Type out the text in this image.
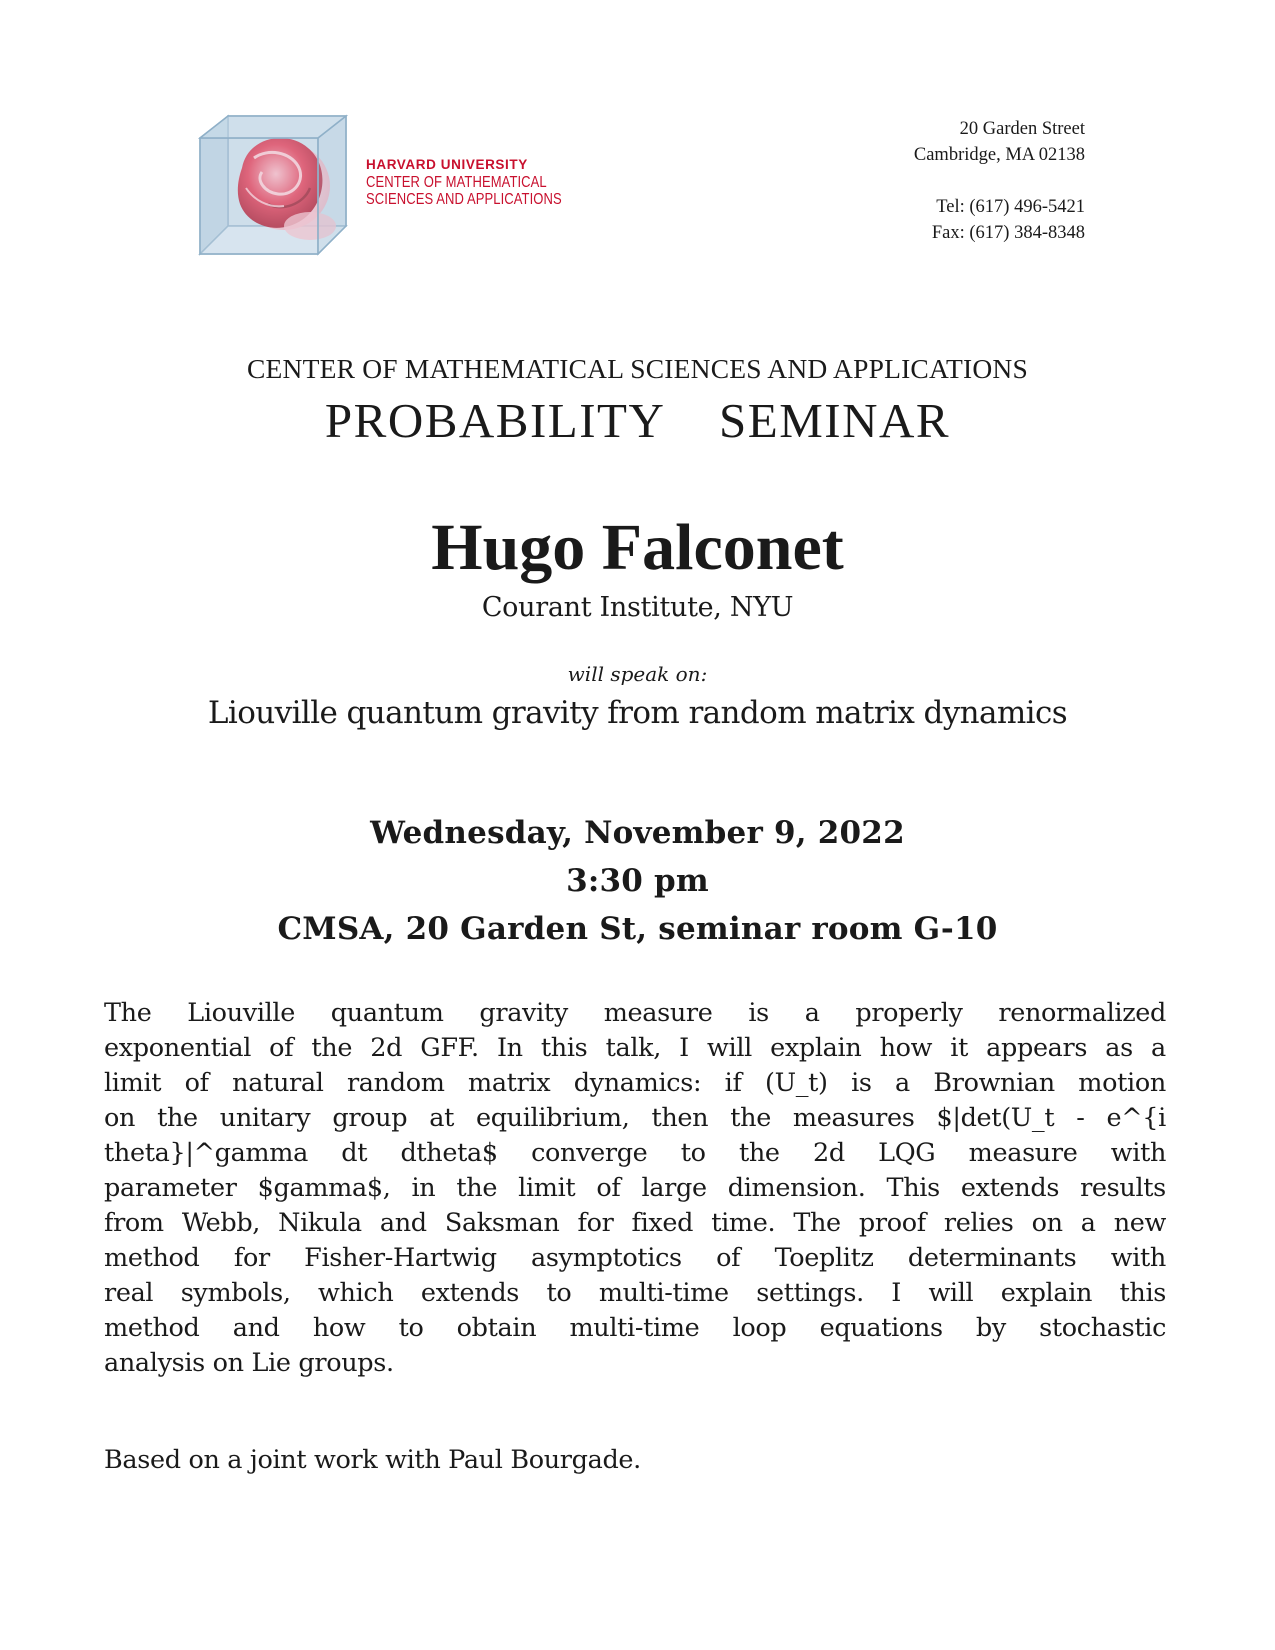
HARVARD UNIVERSITY
CENTER OF MATHEMATICAL
SCIENCES AND APPLICATIONS
20 Garden Street
Cambridge, MA 02138
Tel: (617) 496-5421
Fax: (617) 384-8348
CENTER OF MATHEMATICAL SCIENCES AND APPLICATIONS
PROBABILITY  SEMINAR
Hugo Falconet
Courant Institute, NYU
will speak on:
Liouville quantum gravity from random matrix dynamics
Wednesday, November 9, 2022
3:30 pm
CMSA, 20 Garden St, seminar room G-10
The Liouville quantum gravity measure is a properly renormalized
exponential of the 2d GFF. In this talk, I will explain how it appears as a
limit of natural random matrix dynamics: if (U_t) is a Brownian motion
on the unitary group at equilibrium, then the measures $|det(U_t - e^{i
theta}|^gamma dt dtheta$ converge to the 2d LQG measure with
parameter $gamma$, in the limit of large dimension. This extends results
from Webb, Nikula and Saksman for fixed time. The proof relies on a new
method for Fisher-Hartwig asymptotics of Toeplitz determinants with
real symbols, which extends to multi-time settings. I will explain this
method and how to obtain multi-time loop equations by stochastic
analysis on Lie groups.
Based on a joint work with Paul Bourgade.
